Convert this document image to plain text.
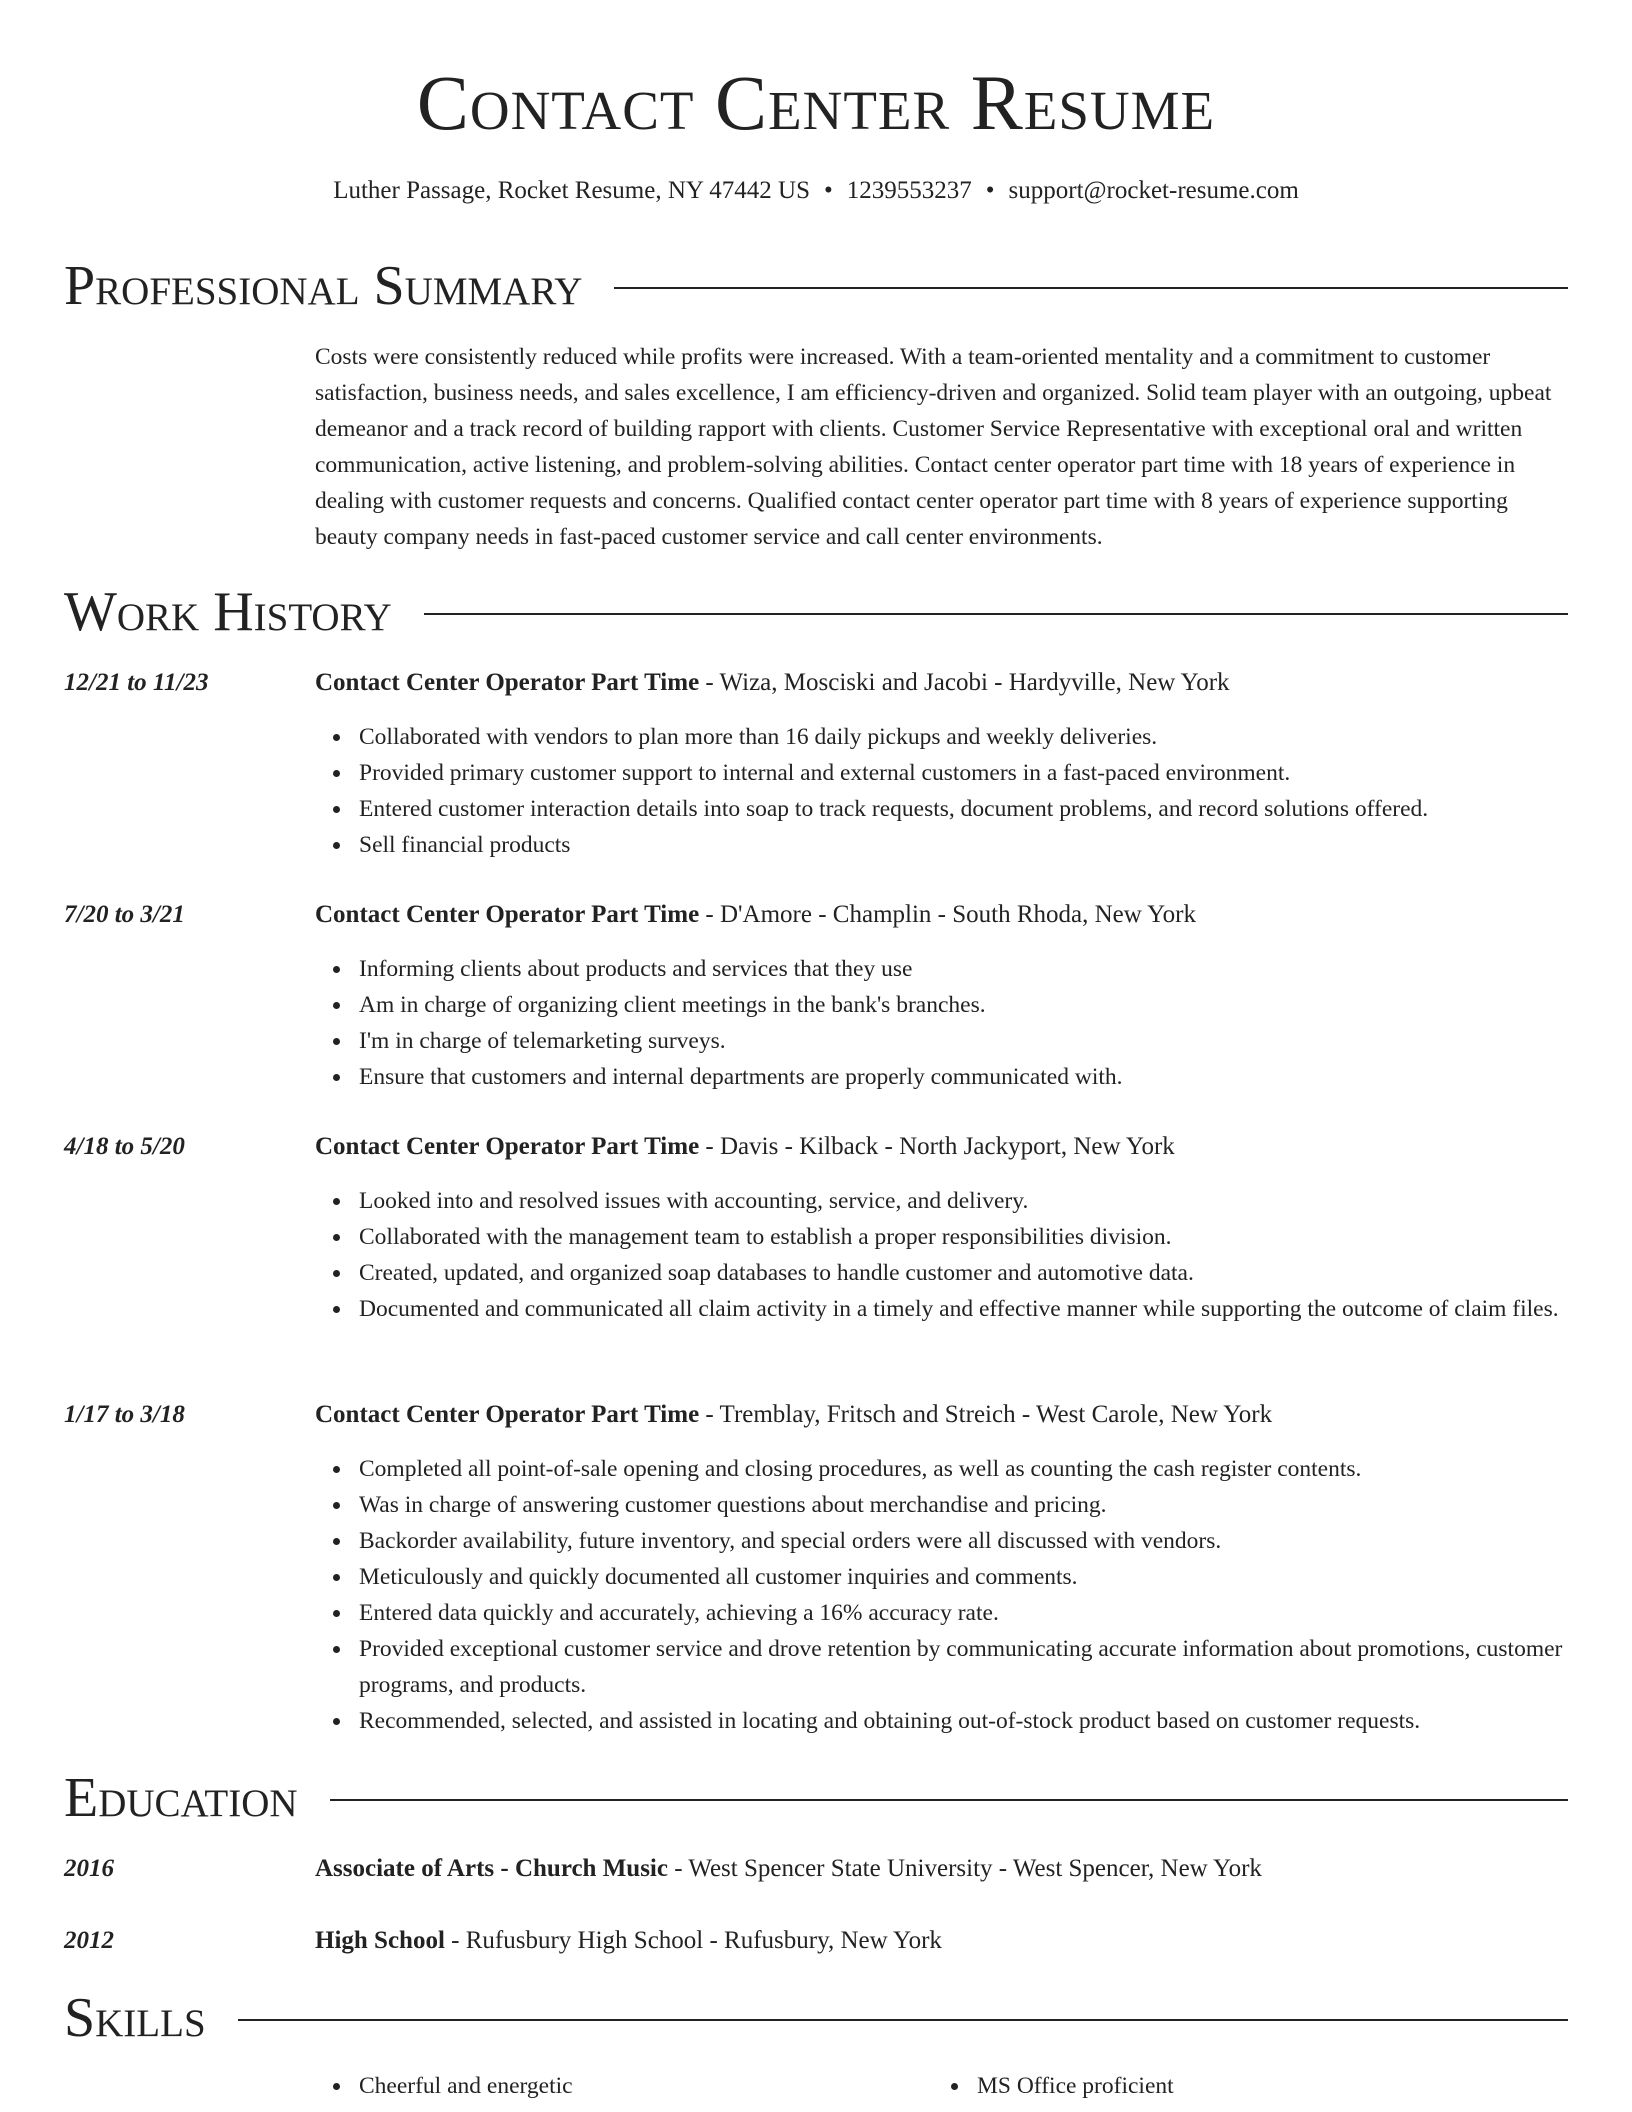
Contact Center Resume
Luther Passage, Rocket Resume, NY 47442 US • 1239553237 • support@rocket-resume.com
Professional Summary
Costs were consistently reduced while profits were increased. With a team-oriented mentality and a commitment to customer satisfaction, business needs, and sales excellence, I am efficiency-driven and organized. Solid team player with an outgoing, upbeat demeanor and a track record of building rapport with clients. Customer Service Representative with exceptional oral and written communication, active listening, and problem-solving abilities. Contact center operator part time with 18 years of experience in dealing with customer requests and concerns. Qualified contact center operator part time with 8 years of experience supporting beauty company needs in fast-paced customer service and call center environments.
Work History
12/21 to 11/23	Contact Center Operator Part Time - Wiza, Mosciski and Jacobi - Hardyville, New York
Collaborated with vendors to plan more than 16 daily pickups and weekly deliveries.
Provided primary customer support to internal and external customers in a fast-paced environment.
Entered customer interaction details into soap to track requests, document problems, and record solutions offered.
Sell financial products
7/20 to 3/21	Contact Center Operator Part Time - D'Amore - Champlin - South Rhoda, New York
Informing clients about products and services that they use
Am in charge of organizing client meetings in the bank's branches.
I'm in charge of telemarketing surveys.
Ensure that customers and internal departments are properly communicated with.
4/18 to 5/20	Contact Center Operator Part Time - Davis - Kilback - North Jackyport, New York
Looked into and resolved issues with accounting, service, and delivery.
Collaborated with the management team to establish a proper responsibilities division.
Created, updated, and organized soap databases to handle customer and automotive data.
Documented and communicated all claim activity in a timely and effective manner while supporting the outcome of claim files.
1/17 to 3/18	Contact Center Operator Part Time - Tremblay, Fritsch and Streich - West Carole, New York
Completed all point-of-sale opening and closing procedures, as well as counting the cash register contents.
Was in charge of answering customer questions about merchandise and pricing.
Backorder availability, future inventory, and special orders were all discussed with vendors.
Meticulously and quickly documented all customer inquiries and comments.
Entered data quickly and accurately, achieving a 16% accuracy rate.
Provided exceptional customer service and drove retention by communicating accurate information about promotions, customer programs, and products.
Recommended, selected, and assisted in locating and obtaining out-of-stock product based on customer requests.
Education
2016	Associate of Arts - Church Music - West Spencer State University - West Spencer, New York
2012	High School - Rufusbury High School - Rufusbury, New York
Skills
Cheerful and energetic	MS Office proficient
